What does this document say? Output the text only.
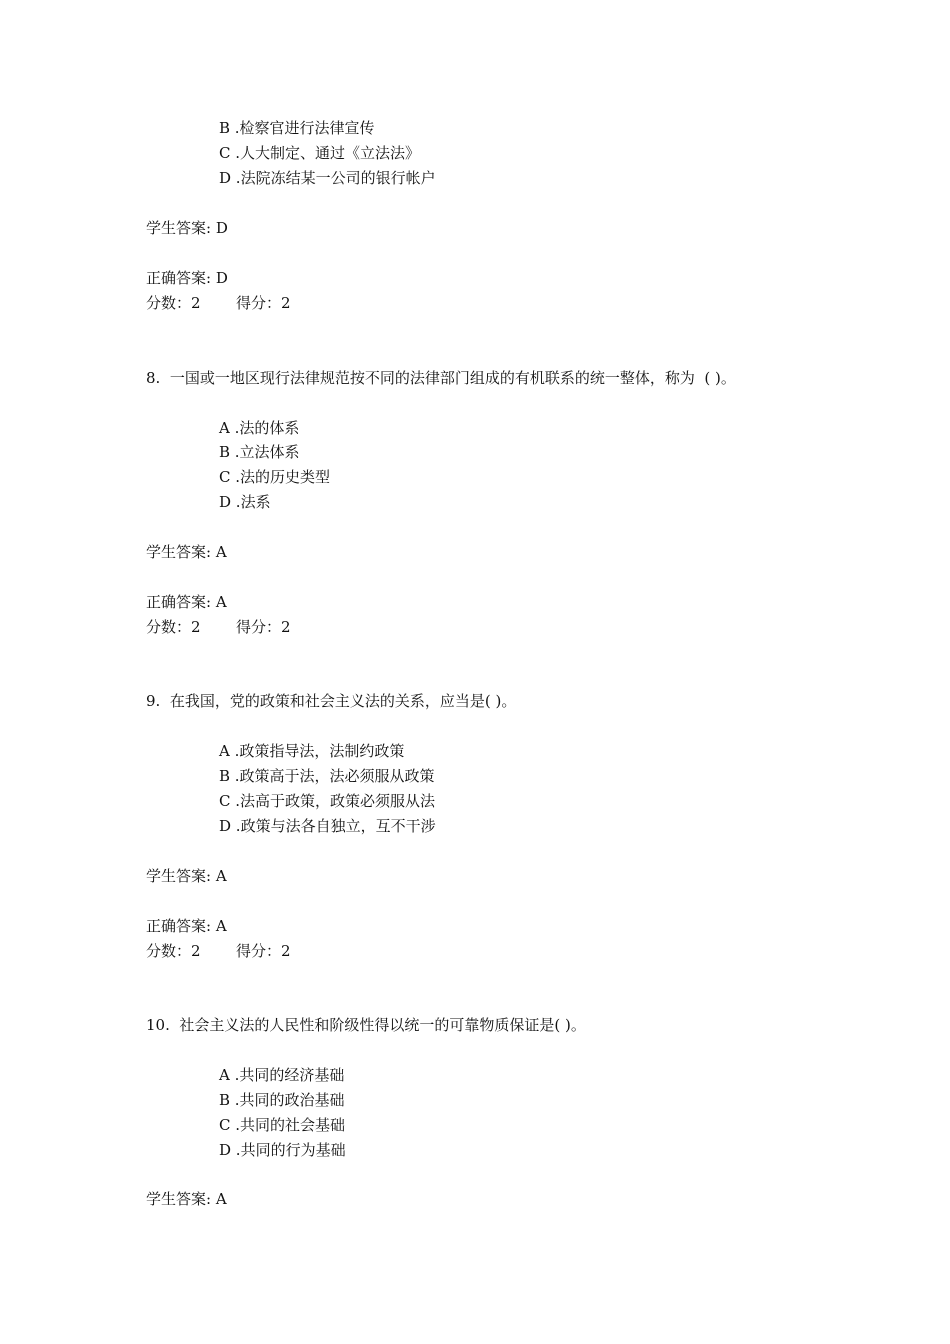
B .检察官进行法律宣传
C .人大制定、通过《立法法》
D .法院冻结某一公司的银行帐户
学生答案: D
正确答案: D
分数：2 得分：2
8.  一国或一地区现行法律规范按不同的法律部门组成的有机联系的统一整体，称为  ( )。
A .法的体系
B .立法体系
C .法的历史类型
D .法系
学生答案: A
正确答案: A
分数：2 得分：2
9.  在我国，党的政策和社会主义法的关系，应当是( )。
A .政策指导法，法制约政策
B .政策高于法，法必须服从政策
C .法高于政策，政策必须服从法
D .政策与法各自独立，互不干涉
学生答案: A
正确答案: A
分数：2 得分：2
10.  社会主义法的人民性和阶级性得以统一的可靠物质保证是( )。
A .共同的经济基础
B .共同的政治基础
C .共同的社会基础
D .共同的行为基础
学生答案: A
